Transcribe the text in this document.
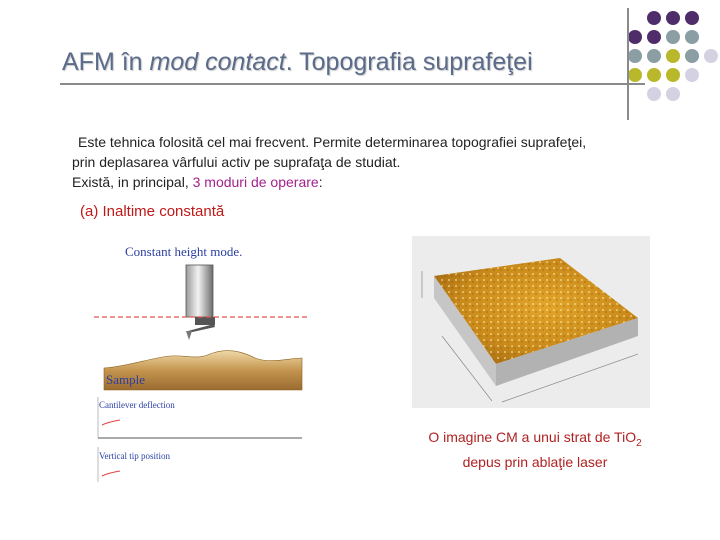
AFM în mod contact. Topografia suprafeţei
Este tehnica folosită cel mai frecvent. Permite determinarea topografiei suprafeţei,
prin deplasarea vârfului activ pe suprafaţa de studiat.
Există, in principal, 3 moduri de operare:
(a) Inaltime constantă
Constant height mode.
Sample
Cantilever deflection
Vertical tip position
O imagine CM a unui strat de TiO$_2$
depus prin ablaţie laser
